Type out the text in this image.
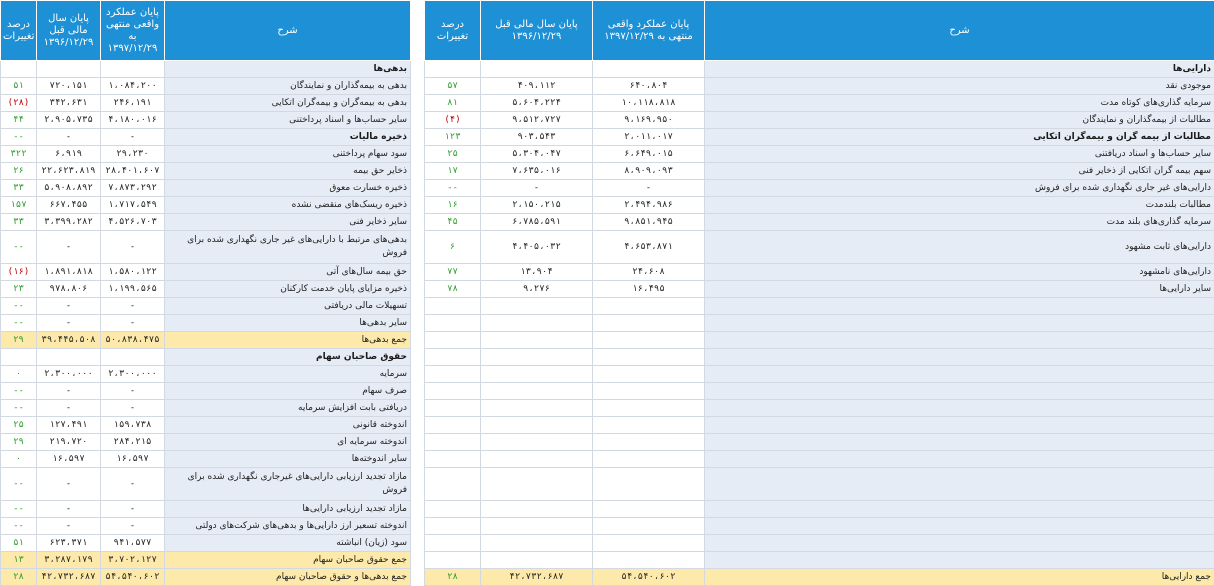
درصد تغییرات	پایان سال مالی قبل ۱۳۹۶/۱۲/۲۹	پایان عملکرد واقعی منتهی به ۱۳۹۷/۱۲/۲۹	شرح
			بدهی‌ها
۵۱	۷۲۰،۱۵۱	۱،۰۸۴،۲۰۰	بدهی به بیمه‌گذاران و نمایندگان
(۲۸)	۳۴۲،۶۳۱	۲۴۶،۱۹۱	بدهی به بیمه‌گران و بیمه‌گران اتکایی
۴۴	۲،۹۰۵،۷۳۵	۴،۱۸۰،۰۱۶	سایر حساب‌ها و اسناد پرداختنی
--	-	-	ذخیره مالیات
۳۲۲	۶،۹۱۹	۲۹،۲۳۰	سود سهام پرداختنی
۲۶	۲۲،۶۲۳،۸۱۹	۲۸،۴۰۱،۶۰۷	ذخایر حق بیمه
۳۳	۵،۹۰۸،۸۹۲	۷،۸۷۳،۲۹۲	ذخیره خسارت معوق
۱۵۷	۶۶۷،۴۵۵	۱،۷۱۷،۵۴۹	ذخیره ریسک‌های منقضی نشده
۳۳	۳،۳۹۹،۲۸۲	۴،۵۲۶،۷۰۳	سایر ذخایر فنی
--	-	-	بدهی‌های مرتبط با دارایی‌های غیر جاری نگهداری شده برای فروش
(۱۶)	۱،۸۹۱،۸۱۸	۱،۵۸۰،۱۲۲	حق بیمه سال‌های آتی
۲۳	۹۷۸،۸۰۶	۱،۱۹۹،۵۶۵	ذخیره مزایای پایان خدمت کارکنان
--	-	-	تسهیلات مالی دریافتی
--	-	-	سایر بدهی‌ها
۲۹	۳۹،۴۴۵،۵۰۸	۵۰،۸۳۸،۴۷۵	جمع بدهی‌ها
			حقوق صاحبان سهام
۰	۲،۳۰۰،۰۰۰	۲،۳۰۰،۰۰۰	سرمایه
--	-	-	صرف سهام
--	-	-	دریافتی بابت افزایش سرمایه
۲۵	۱۲۷،۴۹۱	۱۵۹،۷۳۸	اندوخته قانونی
۲۹	۲۱۹،۷۲۰	۲۸۴،۲۱۵	اندوخته سرمایه ای
۰	۱۶،۵۹۷	۱۶،۵۹۷	سایر اندوخته‌ها
--	-	-	مازاد تجدید ارزیابی دارایی‌های غیرجاری نگهداری شده برای فروش
--	-	-	مازاد تجدید ارزیابی دارایی‌ها
--	-	-	اندوخته تسعیر ارز دارایی‌ها و بدهی‌های شرکت‌های دولتی
۵۱	۶۲۳،۳۷۱	۹۴۱،۵۷۷	سود (زیان) انباشته
۱۳	۳،۲۸۷،۱۷۹	۳،۷۰۲،۱۲۷	جمع حقوق صاحبان سهام
۲۸	۴۲،۷۳۲،۶۸۷	۵۴،۵۴۰،۶۰۲	جمع بدهی‌ها و حقوق صاحبان سهام
درصد تغییرات	پایان سال مالی قبل ۱۳۹۶/۱۲/۲۹	پایان عملکرد واقعی منتهی به ۱۳۹۷/۱۲/۲۹	شرح
			دارایی‌ها
۵۷	۴۰۹،۱۱۲	۶۴۰،۸۰۴	موجودی نقد
۸۱	۵،۶۰۴،۲۲۴	۱۰،۱۱۸،۸۱۸	سرمایه گذاری‌های کوتاه مدت
(۴)	۹،۵۱۲،۷۲۷	۹،۱۶۹،۹۵۰	مطالبات از بیمه‌گذاران و نمایندگان
۱۲۳	۹۰۳،۵۴۳	۲،۰۱۱،۰۱۷	مطالبات از بیمه گران و بیمه‌گران اتکایی
۲۵	۵،۳۰۴،۰۴۷	۶،۶۴۹،۰۱۵	سایر حساب‌ها و اسناد دریافتنی
۱۷	۷،۶۳۵،۰۱۶	۸،۹۰۹،۰۹۳	سهم بیمه گران اتکایی از ذخایر فنی
--	-	-	دارایی‌های غیر جاری نگهداری شده برای فروش
۱۶	۲،۱۵۰،۲۱۵	۲،۴۹۴،۹۸۶	مطالبات بلندمدت
۴۵	۶،۷۸۵،۵۹۱	۹،۸۵۱،۹۴۵	سرمایه گذاری‌های بلند مدت
۶	۴،۴۰۵،۰۳۲	۴،۶۵۳،۸۷۱	دارایی‌های ثابت مشهود
۷۷	۱۳،۹۰۴	۲۴،۶۰۸	دارایی‌های نامشهود
۷۸	۹،۲۷۶	۱۶،۴۹۵	سایر دارایی‌ها

۲۸	۴۲،۷۳۲،۶۸۷	۵۴،۵۴۰،۶۰۲	جمع دارایی‌ها
